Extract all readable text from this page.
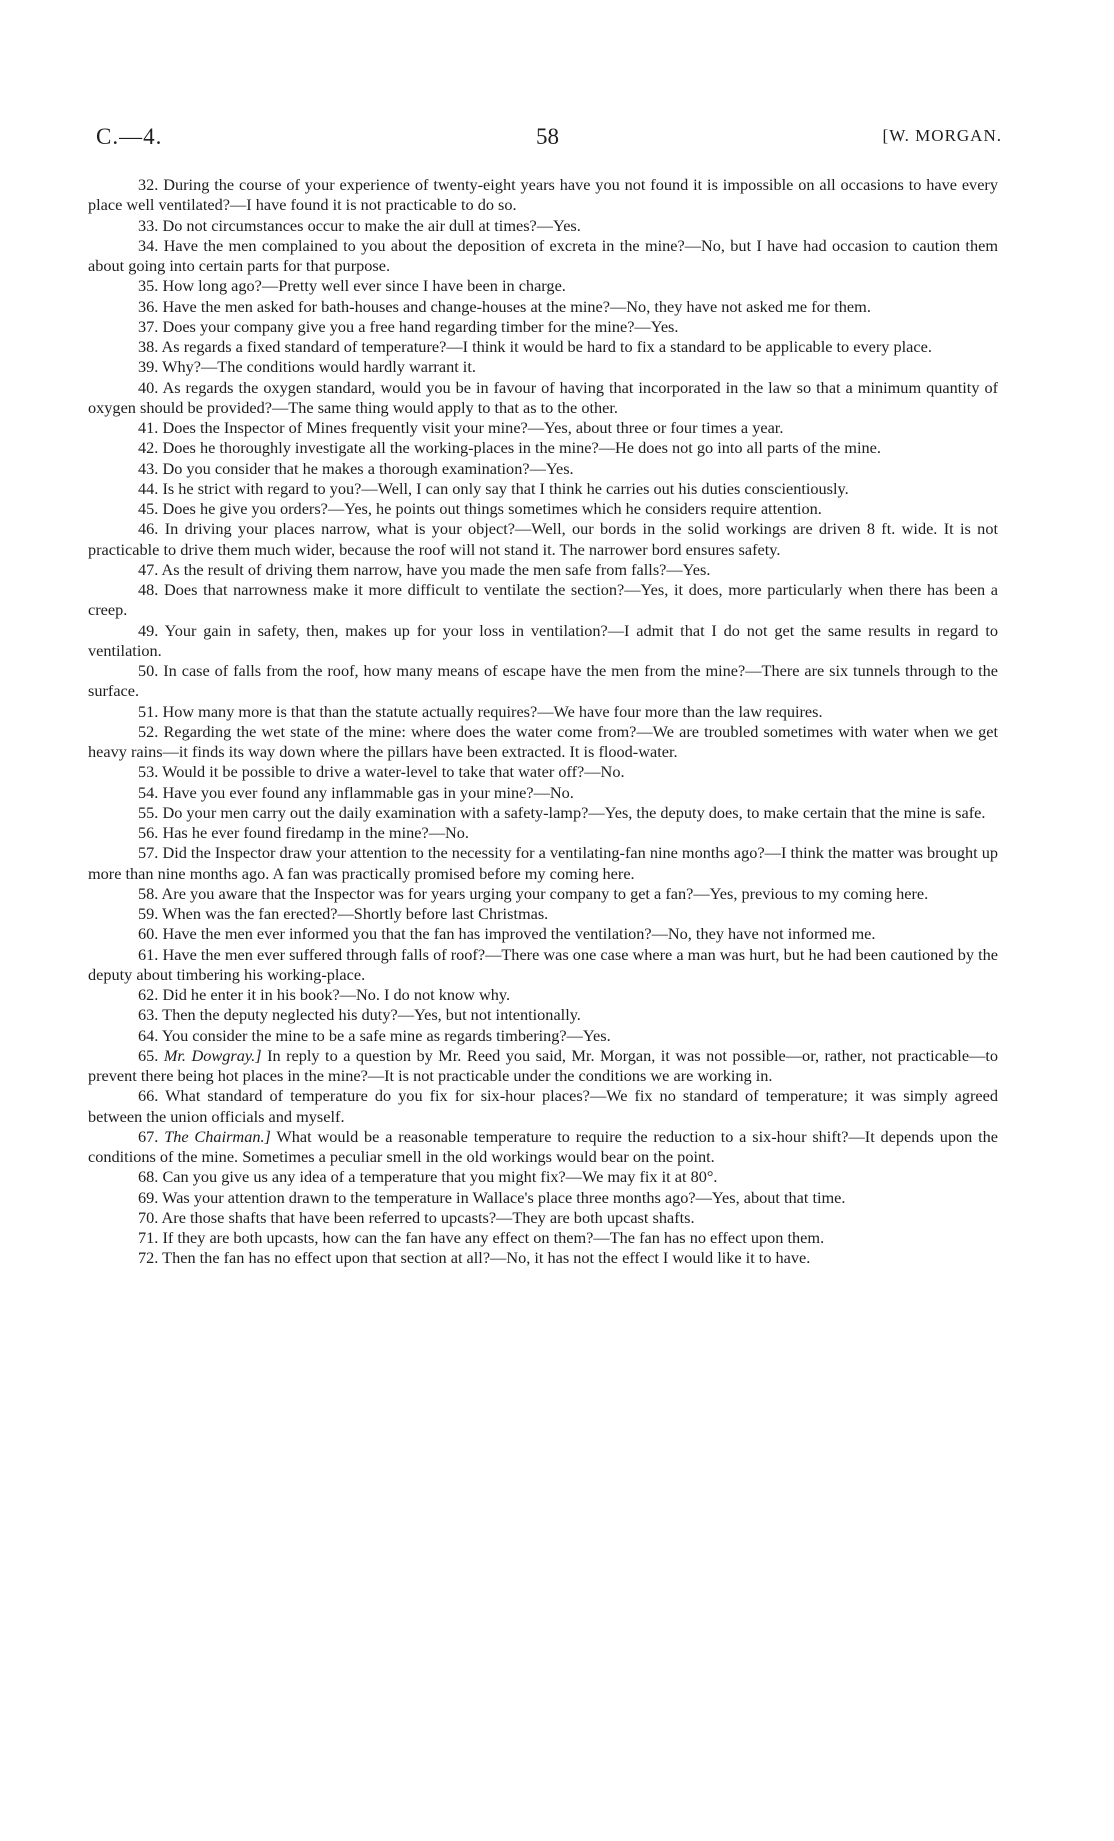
C.—4.	58	[W. MORGAN.

32. During the course of your experience of twenty-eight years have you not found it is impossible on all occasions to have every place well ventilated?—I have found it is not practicable to do so.

33. Do not circumstances occur to make the air dull at times?—Yes.

34. Have the men complained to you about the deposition of excreta in the mine?—No, but I have had occasion to caution them about going into certain parts for that purpose.

35. How long ago?—Pretty well ever since I have been in charge.

36. Have the men asked for bath-houses and change-houses at the mine?—No, they have not asked me for them.

37. Does your company give you a free hand regarding timber for the mine?—Yes.

38. As regards a fixed standard of temperature?—I think it would be hard to fix a standard to be applicable to every place.

39. Why?—The conditions would hardly warrant it.

40. As regards the oxygen standard, would you be in favour of having that incorporated in the law so that a minimum quantity of oxygen should be provided?—The same thing would apply to that as to the other.

41. Does the Inspector of Mines frequently visit your mine?—Yes, about three or four times a year.

42. Does he thoroughly investigate all the working-places in the mine?—He does not go into all parts of the mine.

43. Do you consider that he makes a thorough examination?—Yes.

44. Is he strict with regard to you?—Well, I can only say that I think he carries out his duties conscientiously.

45. Does he give you orders?—Yes, he points out things sometimes which he considers require attention.

46. In driving your places narrow, what is your object?—Well, our bords in the solid workings are driven 8 ft. wide. It is not practicable to drive them much wider, because the roof will not stand it. The narrower bord ensures safety.

47. As the result of driving them narrow, have you made the men safe from falls?—Yes.

48. Does that narrowness make it more difficult to ventilate the section?—Yes, it does, more particularly when there has been a creep.

49. Your gain in safety, then, makes up for your loss in ventilation?—I admit that I do not get the same results in regard to ventilation.

50. In case of falls from the roof, how many means of escape have the men from the mine?—There are six tunnels through to the surface.

51. How many more is that than the statute actually requires?—We have four more than the law requires.

52. Regarding the wet state of the mine: where does the water come from?—We are troubled sometimes with water when we get heavy rains—it finds its way down where the pillars have been extracted. It is flood-water.

53. Would it be possible to drive a water-level to take that water off?—No.

54. Have you ever found any inflammable gas in your mine?—No.

55. Do your men carry out the daily examination with a safety-lamp?—Yes, the deputy does, to make certain that the mine is safe.

56. Has he ever found firedamp in the mine?—No.

57. Did the Inspector draw your attention to the necessity for a ventilating-fan nine months ago?—I think the matter was brought up more than nine months ago. A fan was practically promised before my coming here.

58. Are you aware that the Inspector was for years urging your company to get a fan?—Yes, previous to my coming here.

59. When was the fan erected?—Shortly before last Christmas.

60. Have the men ever informed you that the fan has improved the ventilation?—No, they have not informed me.

61. Have the men ever suffered through falls of roof?—There was one case where a man was hurt, but he had been cautioned by the deputy about timbering his working-place.

62. Did he enter it in his book?—No. I do not know why.

63. Then the deputy neglected his duty?—Yes, but not intentionally.

64. You consider the mine to be a safe mine as regards timbering?—Yes.

65. Mr. Dowgray.] In reply to a question by Mr. Reed you said, Mr. Morgan, it was not possible—or, rather, not practicable—to prevent there being hot places in the mine?—It is not practicable under the conditions we are working in.

66. What standard of temperature do you fix for six-hour places?—We fix no standard of temperature; it was simply agreed between the union officials and myself.

67. The Chairman.] What would be a reasonable temperature to require the reduction to a six-hour shift?—It depends upon the conditions of the mine. Sometimes a peculiar smell in the old workings would bear on the point.

68. Can you give us any idea of a temperature that you might fix?—We may fix it at 80°.

69. Was your attention drawn to the temperature in Wallace's place three months ago?—Yes, about that time.

70. Are those shafts that have been referred to upcasts?—They are both upcast shafts.

71. If they are both upcasts, how can the fan have any effect on them?—The fan has no effect upon them.

72. Then the fan has no effect upon that section at all?—No, it has not the effect I would like it to have.
